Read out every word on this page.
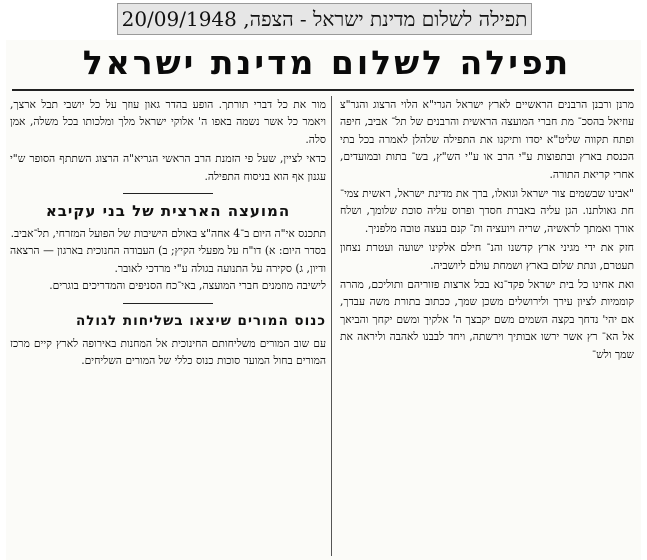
תפילה לשלום מדינת ישראל - הצפה, 20/09/1948
תפילה לשלום מדינת ישראל

מרנן ורבנן הרבנים הראשיים לארץ ישראל הגרי"א הלוי הרצוג והגר"צ עוזיאל בהסכ־ מת חברי המועצה הראשית והרבנים של תל־ אביב, חיפה ופתח תקווה שליט"א יסדו ותיקנו את התפילה שלהלן לאמרה בכל בתי הכנסת בארץ ובתפוצות ע"י הרב או ע"י הש"ץ, בש־ בתות ובמועדים, אחרי קריאת התורה.

"אבינו שבשמים צור ישראל וגואלו, ברך את מדינת ישראל, ראשית צמי־ חת גאולתנו. הגן עליה באברת חסדך ופרוס עליה סוכת שלומך, ושלח אורך ואמתך לראשיה, שריה ויועציה ות־ קנם בעצה טובה מלפניך.

חזק את ידי מגיני ארץ קדשנו והנ־ חילם אלקינו ישועה ועטרת נצחון תעטרם, ונתת שלום בארץ ושמחת עולם ליושביה.

ואת אחינו כל בית ישראל פקד־נא בכל ארצות פזוריהם ותוליכם, מהרה קוממיות לציון עירך ולירושלים משכן שמך, ככתוב בתורת משה עבדך, אם יהי' נדחך בקצה השמים משם יקבצך ה' אלקיך ומשם יקחך והביאך אל הא־ רץ אשר ירשו אבותיך וירשתה, ויחד לבבנו לאהבה וליראה את שמך ולש־

מור את כל דברי תורתך. הופע בהדר גאון עוזך על כל יושבי תבל ארצך, ויאמר כל אשר נשמה באפו ה' אלוקי ישראל מלך ומלכותו בכל משלה, אמן סלה.

כדאי לציין, שעל פי הזמנת הרב הראשי הגריא"ה הרצוג השתתף הסופר ש"י עגנון אף הוא בניסוח התפילה.

המועצה הארצית של בני עקיבא

תתכנס אי"ה היום ב־4 אחה"צ באולם הישיבות של הפועל המזרחי, תל־אביב.

בסדר היום: א) דו"ח על מפעלי הקיץ; ב) העבודה החנוכית בארגון — הרצאה ודיון, ג) סקירה על התנועה בגולה ע"י מרדכי לאובר.

לישיבה מוזמנים חברי המועצה, באי־כח הסניפים והמדריכים בוגרים.

כנוס המורים שיצאו בשליחות לגולה

עם שוב המורים משליחותם החינוכית אל המחנות באירופה לארץ קיים מרכז המורים בחול המועד סוכות כנוס כללי של המורים השליחים.
